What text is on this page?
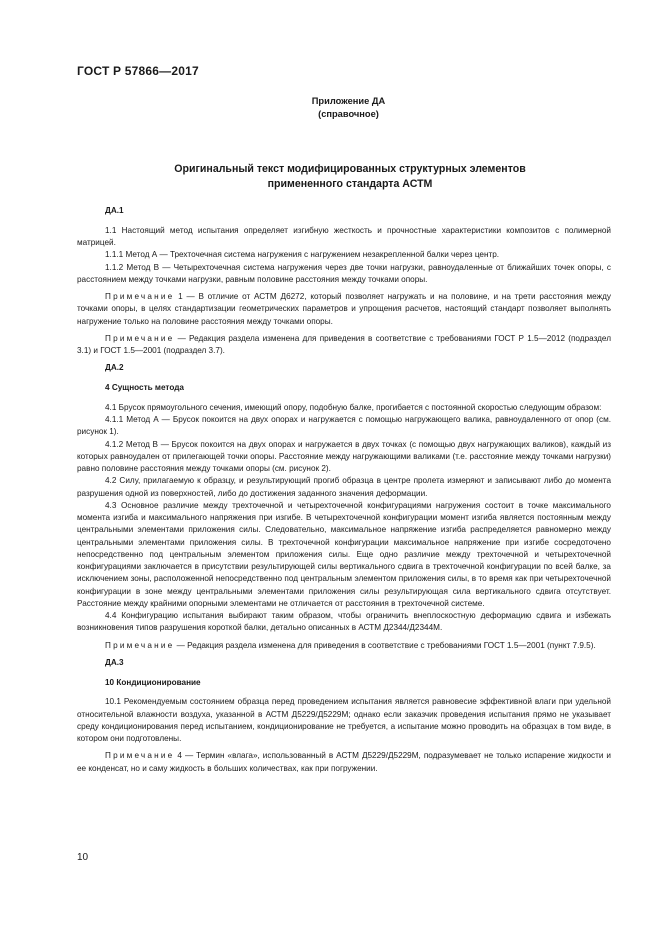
ГОСТ Р 57866—2017
Приложение ДА
(справочное)
Оригинальный текст модифицированных структурных элементов
примененного стандарта АСТМ

ДА.1

1.1 Настоящий метод испытания определяет изгибную жесткость и прочностные характеристики композитов с полимерной матрицей.

1.1.1 Метод А — Трехточечная система нагружения с нагружением незакрепленной балки через центр.

1.1.2 Метод В — Четырехточечная система нагружения через две точки нагрузки, равноудаленные от ближайших точек опоры, с расстоянием между точками нагрузки, равным половине расстояния между точками опоры.

Примечание 1 — В отличие от АСТМ Д6272, который позволяет нагружать и на половине, и на трети расстояния между точками опоры, в целях стандартизации геометрических параметров и упрощения расчетов, настоящий стандарт позволяет выполнять нагружение только на половине расстояния между точками опоры.

Примечание — Редакция раздела изменена для приведения в соответствие с требованиями ГОСТ Р 1.5—2012 (подраздел 3.1) и ГОСТ 1.5—2001 (подраздел 3.7).

ДА.2

4 Сущность метода

4.1 Брусок прямоугольного сечения, имеющий опору, подобную балке, прогибается с постоянной скоростью следующим образом:

4.1.1 Метод А — Брусок покоится на двух опорах и нагружается с помощью нагружающего валика, равноудаленного от опор (см. рисунок 1).

4.1.2 Метод В — Брусок покоится на двух опорах и нагружается в двух точках (с помощью двух нагружающих валиков), каждый из которых равноудален от прилегающей точки опоры. Расстояние между нагружающими валиками (т.е. расстояние между точками нагрузки) равно половине расстояния между точками опоры (см. рисунок 2).

4.2 Силу, прилагаемую к образцу, и результирующий прогиб образца в центре пролета измеряют и записывают либо до момента разрушения одной из поверхностей, либо до достижения заданного значения деформации.

4.3 Основное различие между трехточечной и четырехточечной конфигурациями нагружения состоит в точке максимального момента изгиба и максимального напряжения при изгибе. В четырехточечной конфигурации момент изгиба является постоянным между центральными элементами приложения силы. Следовательно, максимальное напряжение изгиба распределяется равномерно между центральными элементами приложения силы. В трехточечной конфигурации максимальное напряжение при изгибе сосредоточено непосредственно под центральным элементом приложения силы. Еще одно различие между трехточечной и четырехточечной конфигурациями заключается в присутствии результирующей силы вертикального сдвига в трехточечной конфигурации по всей балке, за исключением зоны, расположенной непосредственно под центральным элементом приложения силы, в то время как при четырехточечной конфигурации в зоне между центральными элементами приложения силы результирующая сила вертикального сдвига отсутствует. Расстояние между крайними опорными элементами не отличается от расстояния в трехточечной системе.

4.4 Конфигурацию испытания выбирают таким образом, чтобы ограничить внеплоскостную деформацию сдвига и избежать возникновения типов разрушения короткой балки, детально описанных в АСТМ Д2344/Д2344М.

Примечание — Редакция раздела изменена для приведения в соответствие с требованиями ГОСТ 1.5—2001 (пункт 7.9.5).

ДА.3

10 Кондиционирование

10.1 Рекомендуемым состоянием образца перед проведением испытания является равновесие эффективной влаги при удельной относительной влажности воздуха, указанной в АСТМ Д5229/Д5229М; однако если заказчик проведения испытания прямо не указывает среду кондиционирования перед испытанием, кондиционирование не требуется, а испытание можно проводить на образцах в том виде, в котором они подготовлены.

Примечание 4 — Термин «влага», использованный в АСТМ Д5229/Д5229М, подразумевает не только испарение жидкости и ее конденсат, но и саму жидкость в больших количествах, как при погружении.

10
